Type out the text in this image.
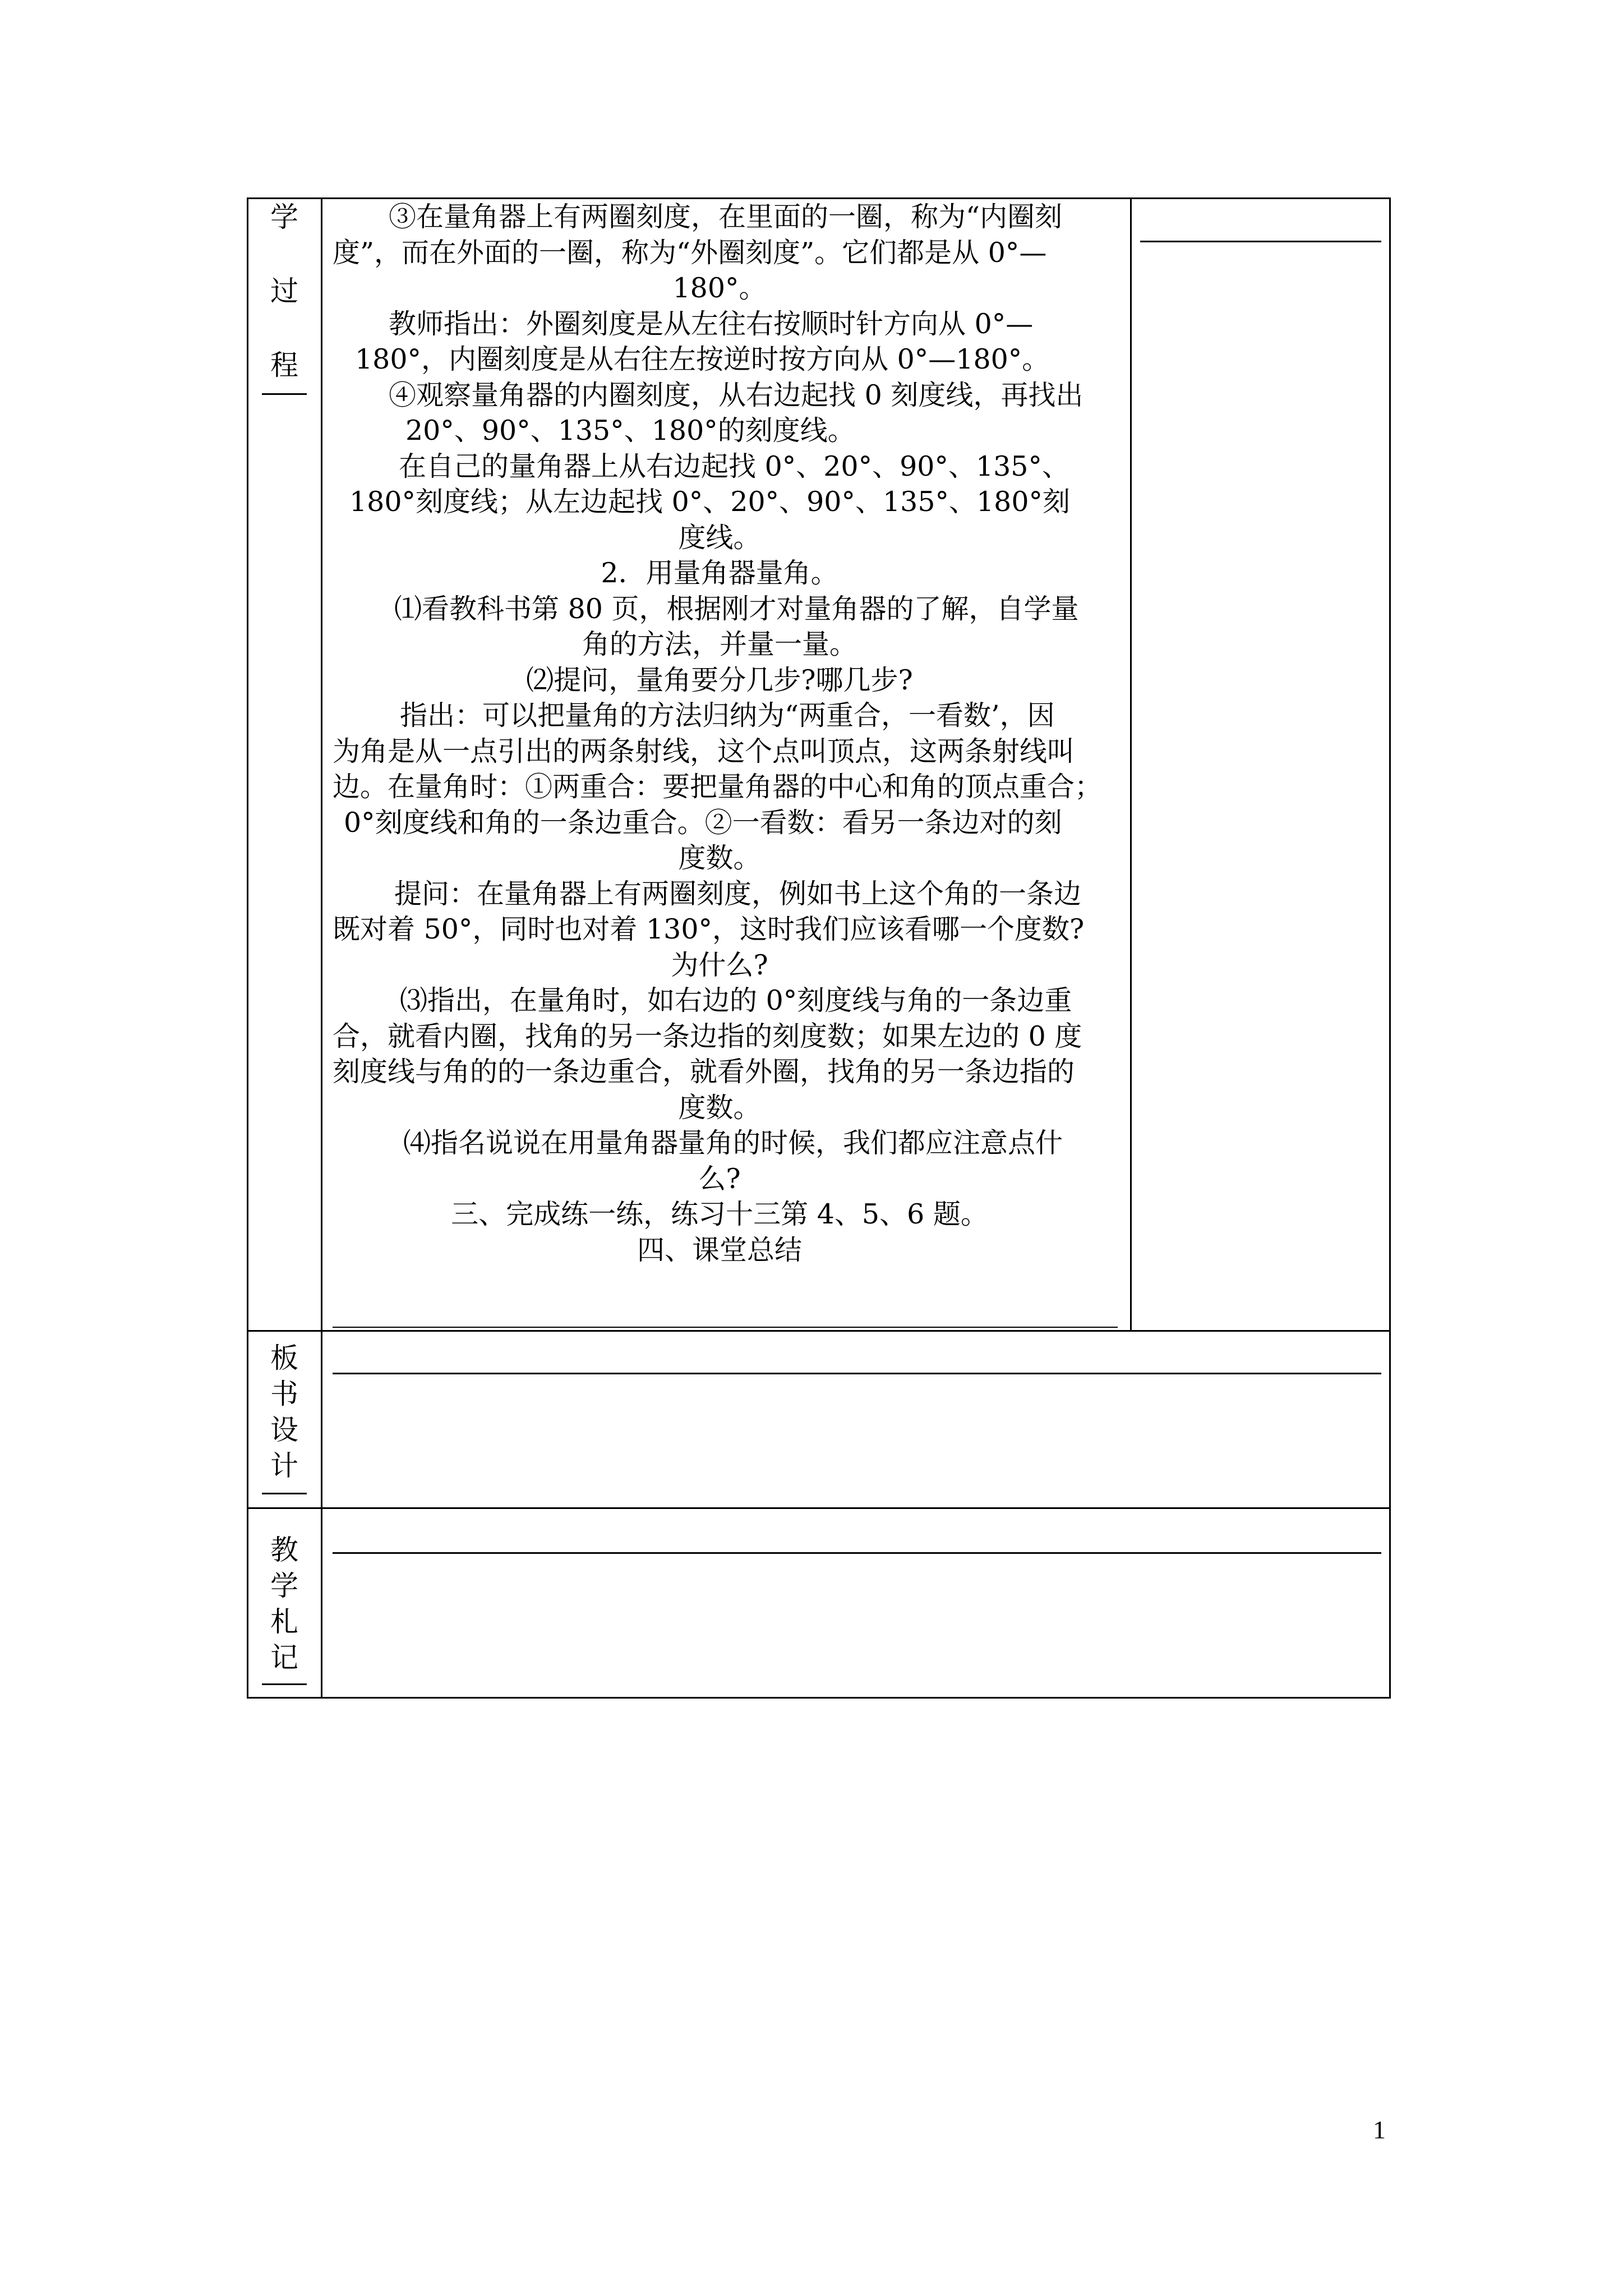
学
过
程

③在量角器上有两圈刻度，在里面的一圈，称为“内圈刻

度”，而在外面的一圈，称为“外圈刻度”。它们都是从 0°—

180°。

教师指出：外圈刻度是从左往右按顺时针方向从 0°—

180°，内圈刻度是从右往左按逆时按方向从 0°—180°。

④观察量角器的内圈刻度，从右边起找 0 刻度线，再找出

20°、90°、135°、180°的刻度线。

在自己的量角器上从右边起找 0°、20°、90°、135°、

180°刻度线；从左边起找 0°、20°、90°、135°、180°刻

度线。

2．用量角器量角。

⑴看教科书第 80 页，根据刚才对量角器的了解，自学量

角的方法，并量一量。

⑵提问，量角要分几步?哪几步?

指出：可以把量角的方法归纳为“两重合，一看数’，因

为角是从一点引出的两条射线，这个点叫顶点，这两条射线叫

边。在量角时：①两重合：要把量角器的中心和角的顶点重合；

0°刻度线和角的一条边重合。②一看数：看另一条边对的刻

度数。

提问：在量角器上有两圈刻度，例如书上这个角的一条边

既对着 50°，同时也对着 130°，这时我们应该看哪一个度数?

为什么?

⑶指出，在量角时，如右边的 0°刻度线与角的一条边重

合，就看内圈，找角的另一条边指的刻度数；如果左边的 0 度

刻度线与角的的一条边重合，就看外圈，找角的另一条边指的

度数。

⑷指名说说在用量角器量角的时候，我们都应注意点什

么?

三、完成练一练，练习十三第 4、5、6 题。

四、课堂总结

板
书
设
计
教
学
札
记
1
